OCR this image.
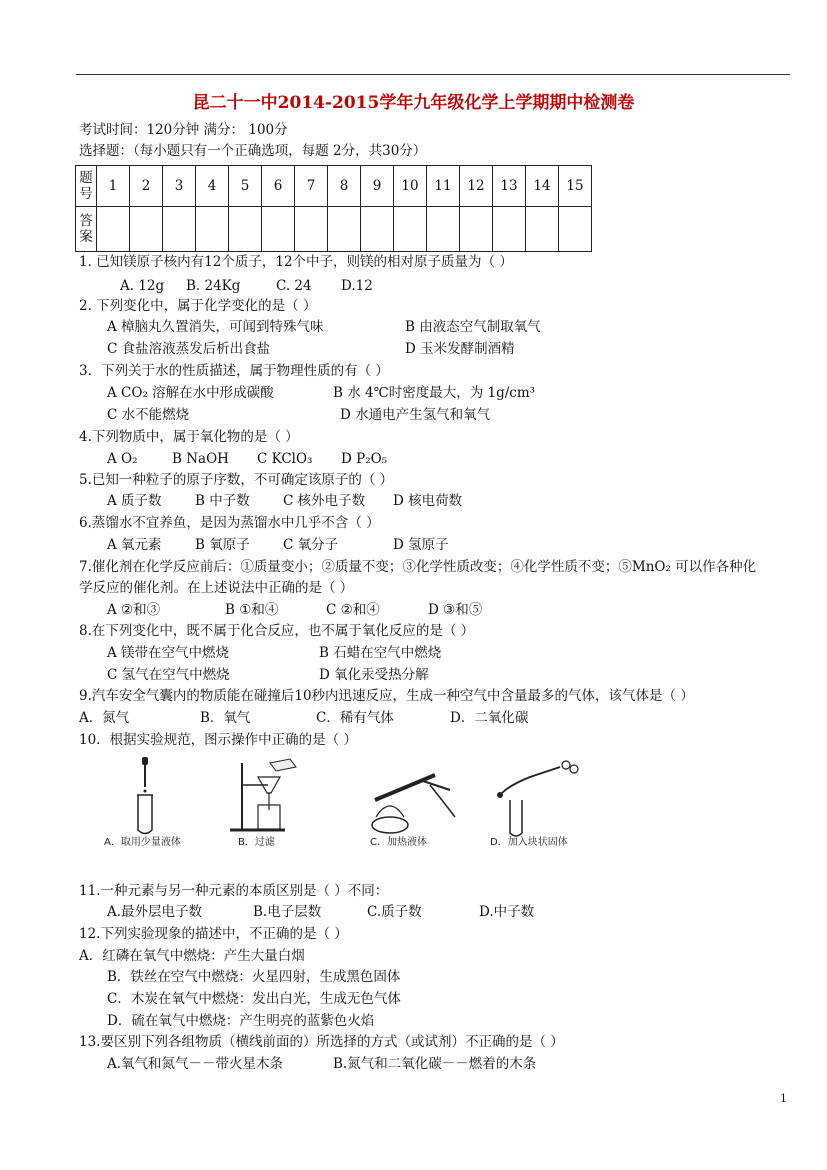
昆二十一中2014-2015学年九年级化学上学期期中检测卷
考试时间：120分钟 满分： 100分
选择题：（每小题只有一个正确选项，每题 2分，共30分）
题号	1	2	3	4	5	6	7	8	9	10	11	12	13	14	15
答案															
1. 已知镁原子核内有12个质子，12个中子，则镁的相对原子质量为（ ）
A. 12g B. 24Kg	C. 24 D.12
2. 下列变化中，属于化学变化的是（ ）
A 樟脑丸久置消失，可闻到特殊气味	B 由液态空气制取氧气
C 食盐溶液蒸发后析出食盐	D 玉米发酵制酒精
3．下列关于水的性质描述，属于物理性质的有（ ）
A CO₂ 溶解在水中形成碳酸	B 水 4℃时密度最大，为 1g/cm³
C 水不能燃烧	D 水通电产生氢气和氧气
4.下列物质中，属于氧化物的是（ ）
A O₂	B NaOH C KClO₃ D P₂O₅
5.已知一种粒子的原子序数，不可确定该原子的（ ）
A 质子数 B 中子数 C 核外电子数 D 核电荷数
6.蒸馏水不宜养鱼，是因为蒸馏水中几乎不含（ ）
A 氧元素 B 氧原子 C 氧分子	D 氢原子
7.催化剂在化学反应前后：①质量变小；②质量不变；③化学性质改变；④化学性质不变；⑤MnO₂ 可以作各种化
学反应的催化剂。在上述说法中正确的是（ ）
A ②和③	B ①和④	C ②和④	D ③和⑤
8.在下列变化中，既不属于化合反应，也不属于氧化反应的是（ ）
A 镁带在空气中燃烧	B 石蜡在空气中燃烧
C 氢气在空气中燃烧	D 氧化汞受热分解
9.汽车安全气囊内的物质能在碰撞后10秒内迅速反应，生成一种空气中含量最多的气体，该气体是（ ）
A．氮气	B．氧气	C．稀有气体	D．二氧化碳
10．根据实验规范，图示操作中正确的是（ ）
A．取用少量液体	B．过滤	C．加热液体	D．加入块状固体
11.一种元素与另一种元素的本质区别是（ ）不同：
A.最外层电子数	B.电子层数	C.质子数	D.中子数
12.下列实验现象的描述中，不正确的是（ ）
A．红磷在氧气中燃烧：产生大量白烟
B．铁丝在空气中燃烧：火星四射，生成黑色固体
C．木炭在氧气中燃烧：发出白光，生成无色气体
D．硫在氧气中燃烧：产生明亮的蓝紫色火焰
13.要区别下列各组物质（横线前面的）所选择的方式（或试剂）不正确的是（ ）
A.氧气和氮气－－带火星木条	B.氮气和二氧化碳－－燃着的木条
1
